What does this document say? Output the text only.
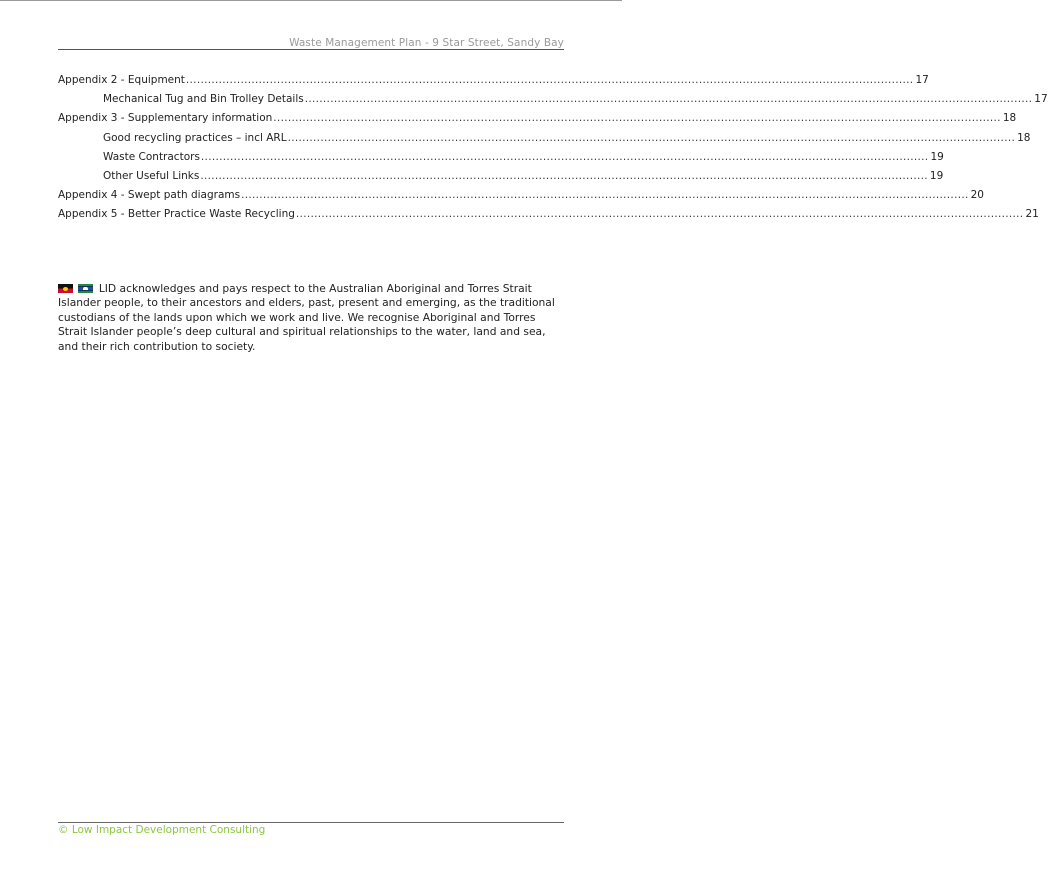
Waste Management Plan - 9 Star Street, Sandy Bay
Appendix 2 - Equipment ........................................................................................................................................................................................................ 17
Mechanical Tug and Bin Trolley Details ........................................................................................................................................................................................................ 17
Appendix 3 - Supplementary information ........................................................................................................................................................................................................ 18
Good recycling practices – incl ARL ........................................................................................................................................................................................................ 18
Waste Contractors ........................................................................................................................................................................................................ 19
Other Useful Links ........................................................................................................................................................................................................ 19
Appendix 4 - Swept path diagrams ........................................................................................................................................................................................................ 20
Appendix 5 - Better Practice Waste Recycling ........................................................................................................................................................................................................ 21
LID acknowledges and pays respect to the Australian Aboriginal and Torres Strait Islander people, to their ancestors and elders, past, present and emerging, as the traditional custodians of the lands upon which we work and live. We recognise Aboriginal and Torres Strait Islander people’s deep cultural and spiritual relationships to the water, land and sea, and their rich contribution to society.
© Low Impact Development Consulting
